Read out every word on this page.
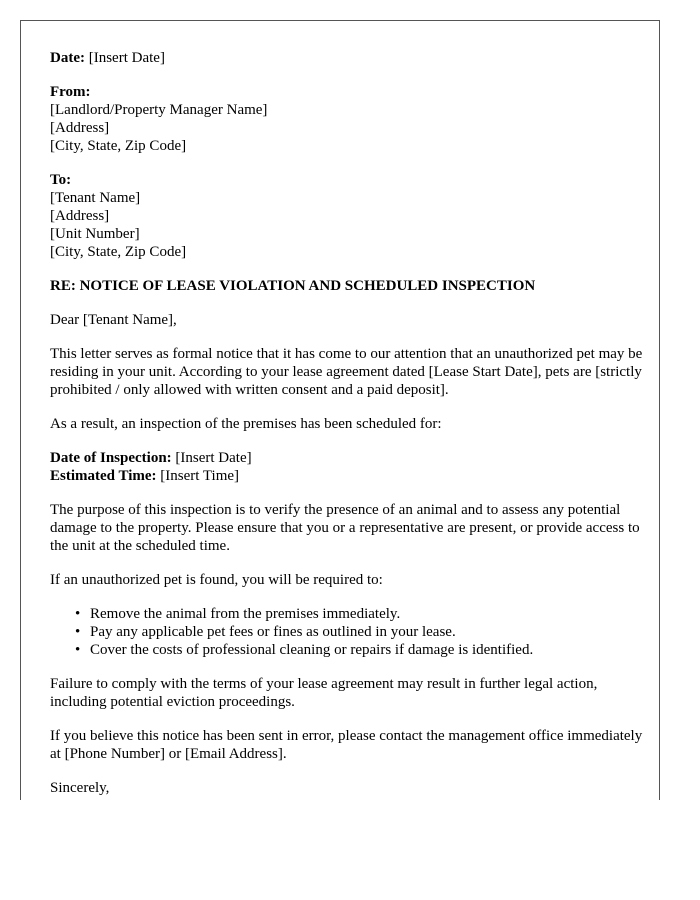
Date: [Insert Date]

From:
[Landlord/Property Manager Name]
[Address]
[City, State, Zip Code]

To:
[Tenant Name]
[Address]
[Unit Number]
[City, State, Zip Code]

RE: NOTICE OF LEASE VIOLATION AND SCHEDULED INSPECTION

Dear [Tenant Name],

This letter serves as formal notice that it has come to our attention that an unauthorized pet may be residing in your unit. According to your lease agreement dated [Lease Start Date], pets are [strictly prohibited / only allowed with written consent and a paid deposit].

As a result, an inspection of the premises has been scheduled for:

Date of Inspection: [Insert Date]
Estimated Time: [Insert Time]

The purpose of this inspection is to verify the presence of an animal and to assess any potential damage to the property. Please ensure that you or a representative are present, or provide access to the unit at the scheduled time.

If an unauthorized pet is found, you will be required to:

• Remove the animal from the premises immediately.
• Pay any applicable pet fees or fines as outlined in your lease.
• Cover the costs of professional cleaning or repairs if damage is identified.

Failure to comply with the terms of your lease agreement may result in further legal action, including potential eviction proceedings.

If you believe this notice has been sent in error, please contact the management office immediately at [Phone Number] or [Email Address].

Sincerely,
